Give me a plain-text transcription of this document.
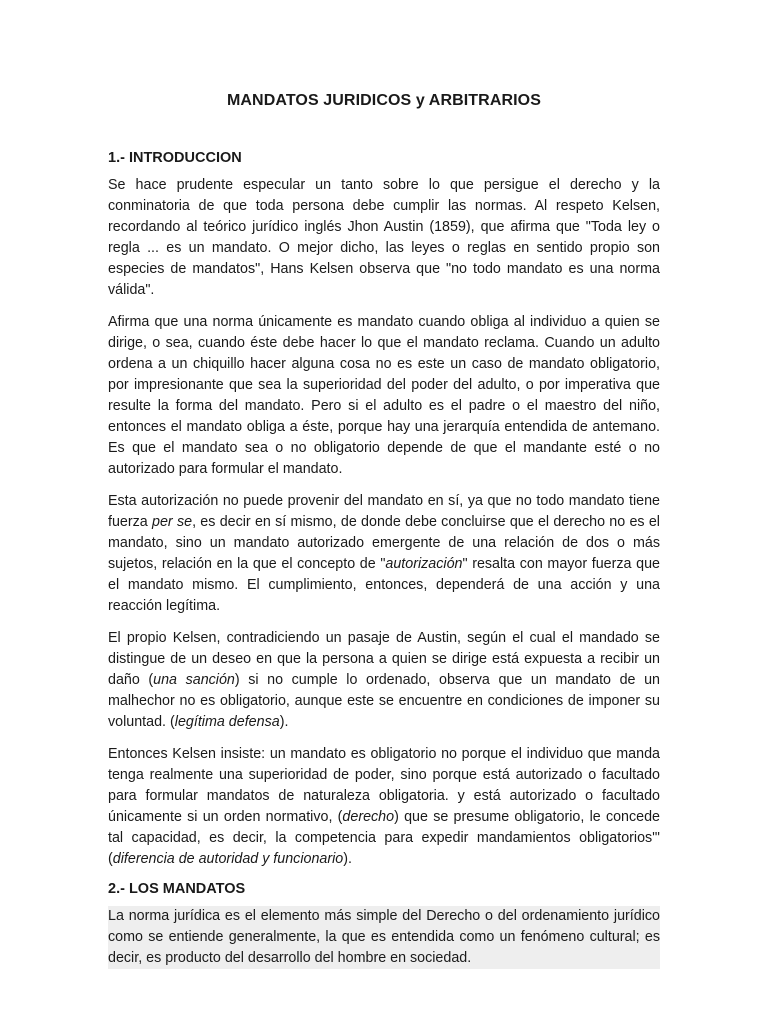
MANDATOS JURIDICOS y ARBITRARIOS
1.- INTRODUCCION

Se hace prudente especular un tanto sobre lo que persigue el derecho y la conminatoria de que toda persona debe cumplir las normas. Al respeto Kelsen, recordando al teórico jurídico inglés Jhon Austin (1859), que afirma que "Toda ley o regla ... es un mandato. O mejor dicho, las leyes o reglas en sentido propio son especies de mandatos", Hans Kelsen observa que "no todo mandato es una norma válida".

Afirma que una norma únicamente es mandato cuando obliga al individuo a quien se dirige, o sea, cuando éste debe hacer lo que el mandato reclama. Cuando un adulto ordena a un chiquillo hacer alguna cosa no es este un caso de mandato obligatorio, por impresionante que sea la superioridad del poder del adulto, o por imperativa que resulte la forma del mandato. Pero si el adulto es el padre o el maestro del niño, entonces el mandato obliga a éste, porque hay una jerarquía entendida de antemano. Es que el mandato sea o no obligatorio depende de que el mandante esté o no autorizado para formular el mandato.

Esta autorización no puede provenir del mandato en sí, ya que no todo mandato tiene fuerza per se, es decir en sí mismo, de donde debe concluirse que el derecho no es el mandato, sino un mandato autorizado emergente de una relación de dos o más sujetos, relación en la que el concepto de "autorización" resalta con mayor fuerza que el mandato mismo. El cumplimiento, entonces, dependerá de una acción y una reacción legítima.

El propio Kelsen, contradiciendo un pasaje de Austin, según el cual el mandado se distingue de un deseo en que la persona a quien se dirige está expuesta a recibir un daño (una sanción) si no cumple lo ordenado, observa que un mandato de un malhechor no es obligatorio, aunque este se encuentre en condiciones de imponer su voluntad. (legítima defensa).

Entonces Kelsen insiste: un mandato es obligatorio no porque el individuo que manda tenga realmente una superioridad de poder, sino porque está autorizado o facultado para formular mandatos de naturaleza obligatoria. y está autorizado o facultado únicamente si un orden normativo, (derecho) que se presume obligatorio, le concede tal capacidad, es decir, la competencia para expedir mandamientos obligatorios"' (diferencia de autoridad y funcionario).

2.- LOS MANDATOS

La norma jurídica es el elemento más simple del Derecho o del ordenamiento jurídico como se entiende generalmente, la que es entendida como un fenómeno cultural; es decir, es producto del desarrollo del hombre en sociedad.
